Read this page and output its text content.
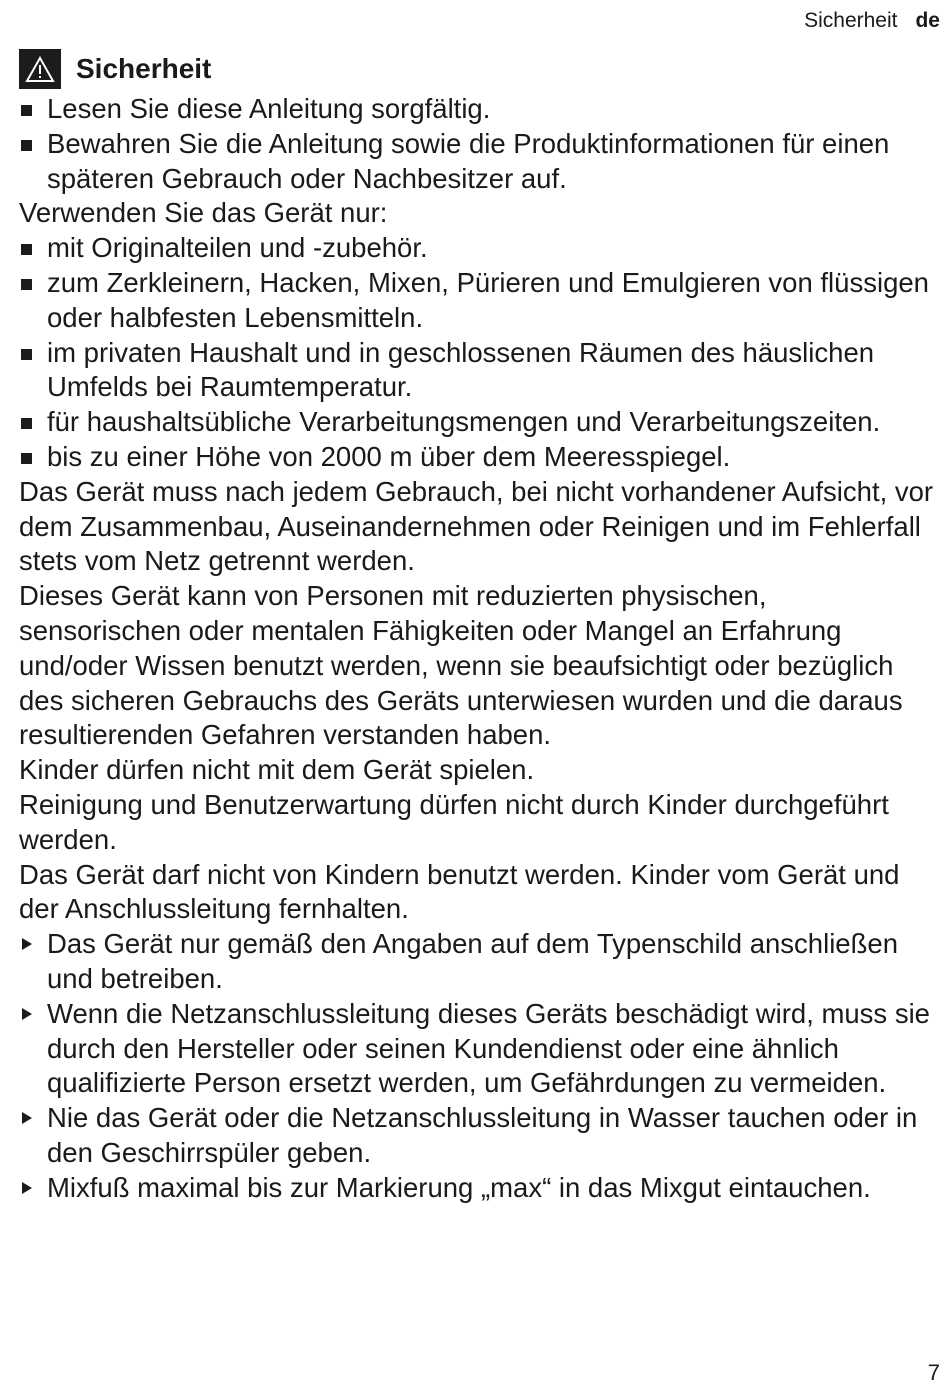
Sicherheit de
Sicherheit
Lesen Sie diese Anleitung sorgfältig.
Bewahren Sie die Anleitung sowie die Produktinformationen für einen späteren Gebrauch oder Nachbesitzer auf.
Verwenden Sie das Gerät nur:
mit Originalteilen und -zubehör.
zum Zerkleinern, Hacken, Mixen, Pürieren und Emulgieren von flüssigen oder halbfesten Lebensmitteln.
im privaten Haushalt und in geschlossenen Räumen des häuslichen Umfelds bei Raumtemperatur.
für haushaltsübliche Verarbeitungsmengen und Verarbeitungszeiten.
bis zu einer Höhe von 2000 m über dem Meeresspiegel.
Das Gerät muss nach jedem Gebrauch, bei nicht vorhandener Aufsicht, vor dem Zusammenbau, Auseinandernehmen oder Reinigen und im Fehlerfall stets vom Netz getrennt werden.
Dieses Gerät kann von Personen mit reduzierten physischen, sensorischen oder mentalen Fähigkeiten oder Mangel an Erfahrung und/oder Wissen benutzt werden, wenn sie beaufsichtigt oder bezüglich des sicheren Gebrauchs des Geräts unterwiesen wurden und die daraus resultierenden Gefahren verstanden haben.
Kinder dürfen nicht mit dem Gerät spielen.
Reinigung und Benutzerwartung dürfen nicht durch Kinder durchgeführt werden.
Das Gerät darf nicht von Kindern benutzt werden. Kinder vom Gerät und der Anschlussleitung fernhalten.
Das Gerät nur gemäß den Angaben auf dem Typenschild anschließen und betreiben.
Wenn die Netzanschlussleitung dieses Geräts beschädigt wird, muss sie durch den Hersteller oder seinen Kundendienst oder eine ähnlich qualifizierte Person ersetzt werden, um Gefährdungen zu vermeiden.
Nie das Gerät oder die Netzanschlussleitung in Wasser tauchen oder in den Geschirrspüler geben.
Mixfuß maximal bis zur Markierung „max“ in das Mixgut eintauchen.
7
